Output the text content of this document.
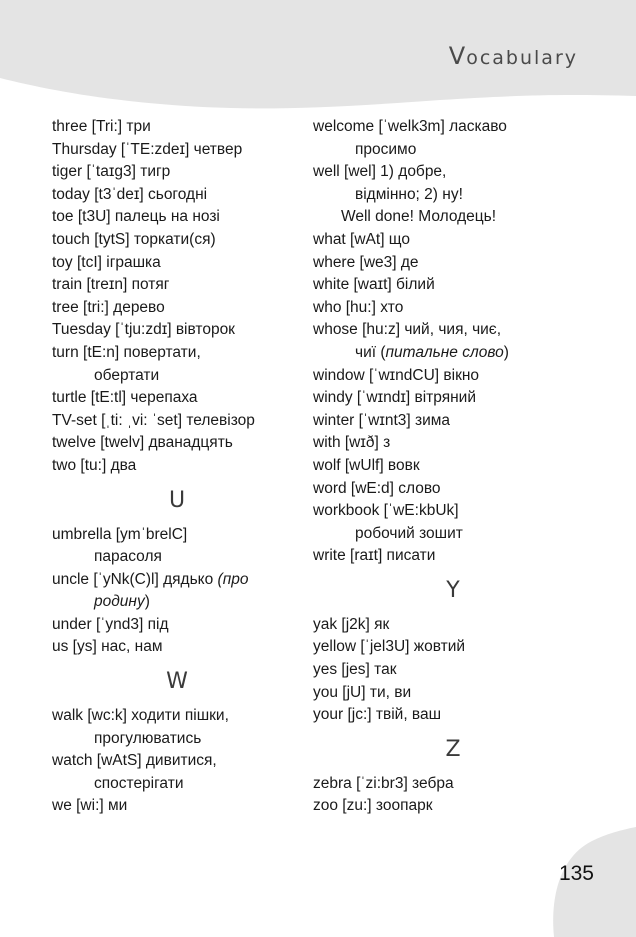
Vocabulary
three [Tri:] три
Thursday [ˈTE:zdeɪ] четвер
tiger [ˈtaɪg3] тигр
today [t3ˈdeɪ] сьогодні
toe [t3U] палець на нозі
touch [tytS] торкати(ся)
toy [tcI] іграшка
train [treɪn] потяг
tree [tri:] дерево
Tuesday [ˈtju:zdɪ] вівторок
turn [tE:n] повертати,
обертати
turtle [tE:tl] черепаха
TV-set [ˌti: ˌvi: ˈset] телевізор
twelve [twelv] дванадцять
two [tu:] два
U
umbrella [ymˈbrelC]
парасоля
uncle [ˈyNk(C)l] дядько (про
родину)
under [ˈynd3] під
us [ys] нас, нам
W
walk [wc:k] ходити пішки,
прогулюватись
watch [wAtS] дивитися,
спостерігати
we [wi:] ми
welcome [ˈwelk3m] ласкаво
просимо
well [wel] 1) добре,
відмінно; 2) ну!
Well done! Молодець!
what [wAt] що
where [we3] де
white [waɪt] білий
who [hu:] хто
whose [hu:z] чий, чия, чиє,
чиї (питальне слово)
window [ˈwɪndCU] вікно
windy [ˈwɪndɪ] вітряний
winter [ˈwɪnt3] зима
with [wɪð] з
wolf [wUlf] вовк
word [wE:d] слово
workbook [ˈwE:kbUk]
робочий зошит
write [raɪt] писати
Y
yak [j2k] як
yellow [ˈjel3U] жовтий
yes [jes] так
you [jU] ти, ви
your [jc:] твій, ваш
Z
zebra [ˈzi:br3] зебра
zoo [zu:] зоопарк
135
